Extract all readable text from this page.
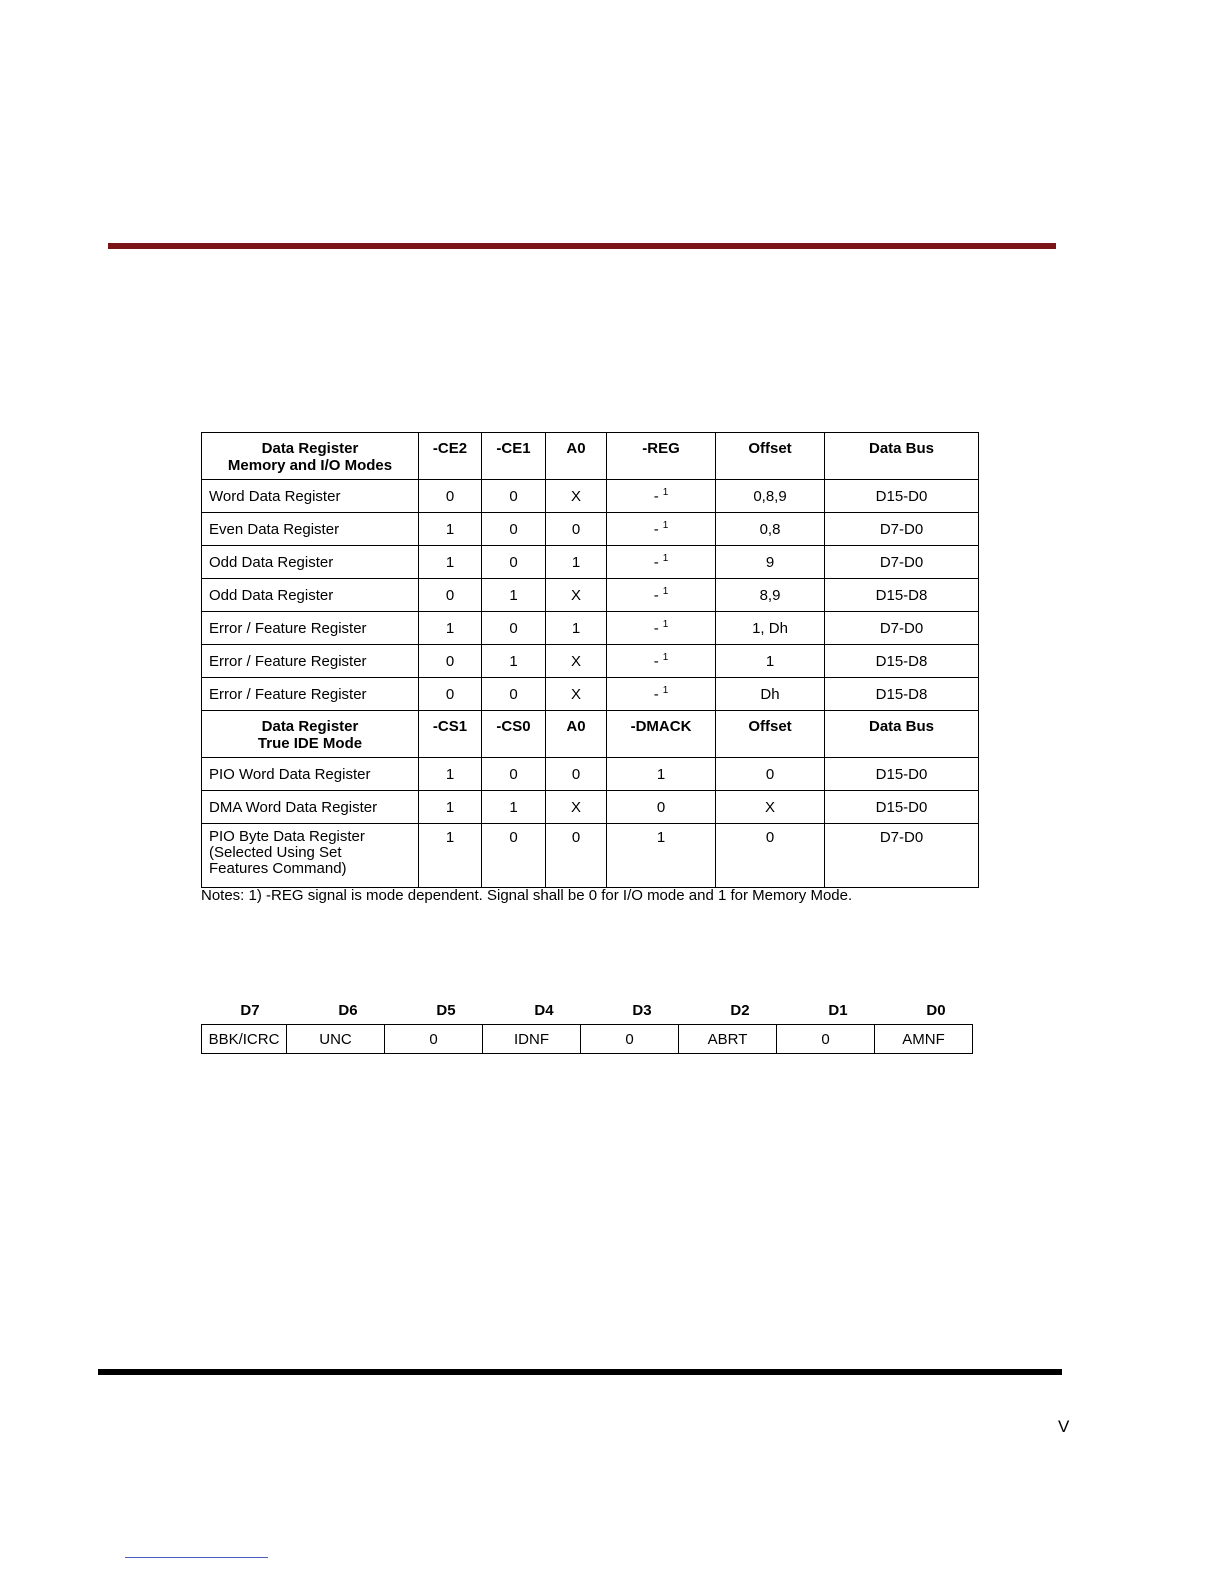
Data Register
Memory and I/O Modes	-CE2	-CE1	A0	-REG	Offset	Data Bus
Word Data Register	0	0	X	- $^1$	0,8,9	D15-D0
Even Data Register	1	0	0	- $^1$	0,8	D7-D0
Odd Data Register	1	0	1	- $^1$	9	D7-D0
Odd Data Register	0	1	X	- $^1$	8,9	D15-D8
Error / Feature Register	1	0	1	- $^1$	1, Dh	D7-D0
Error / Feature Register	0	1	X	- $^1$	1	D15-D8
Error / Feature Register	0	0	X	- $^1$	Dh	D15-D8
Data Register
True IDE Mode	-CS1	-CS0	A0	-DMACK	Offset	Data Bus
PIO Word Data Register	1	0	0	1	0	D15-D0
DMA Word Data Register	1	1	X	0	X	D15-D0
PIO Byte Data Register
(Selected Using Set
Features Command)	1	0	0	1	0	D7-D0
Notes: 1) -REG signal is mode dependent. Signal shall be 0 for I/O mode and 1 for Memory Mode.
D7	D6	D5	D4	D3	D2	D1	D0
BBK/ICRC	UNC	0	IDNF	0	ABRT	0	AMNF
V
